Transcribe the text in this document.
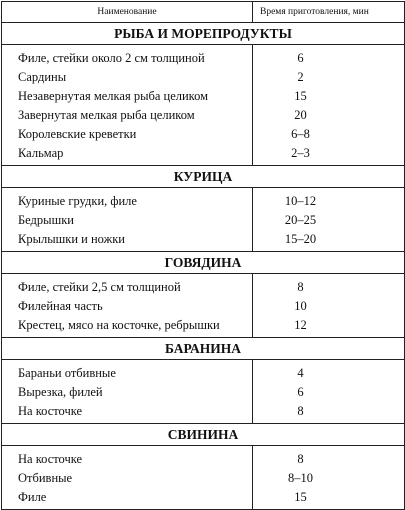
Наименование	Время приготовления, мин
РЫБА И МОРЕПРОДУКТЫ	
Филе, стейки около 2 см толщиной	6
Сардины	2
Незавернутая мелкая рыба целиком	15
Завернутая мелкая рыба целиком	20
Королевские креветки	6–8
Кальмар	2–3
КУРИЦА	
Куриные грудки, филе	10–12
Бедрышки	20–25
Крылышки и ножки	15–20
ГОВЯДИНА	
Филе, стейки 2,5 см толщиной	8
Филейная часть	10
Крестец, мясо на косточке, ребрышки	12
БАРАНИНА	
Бараньи отбивные	4
Вырезка, филей	6
На косточке	8
СВИНИНА	
На косточке	8
Отбивные	8–10
Филе	15
